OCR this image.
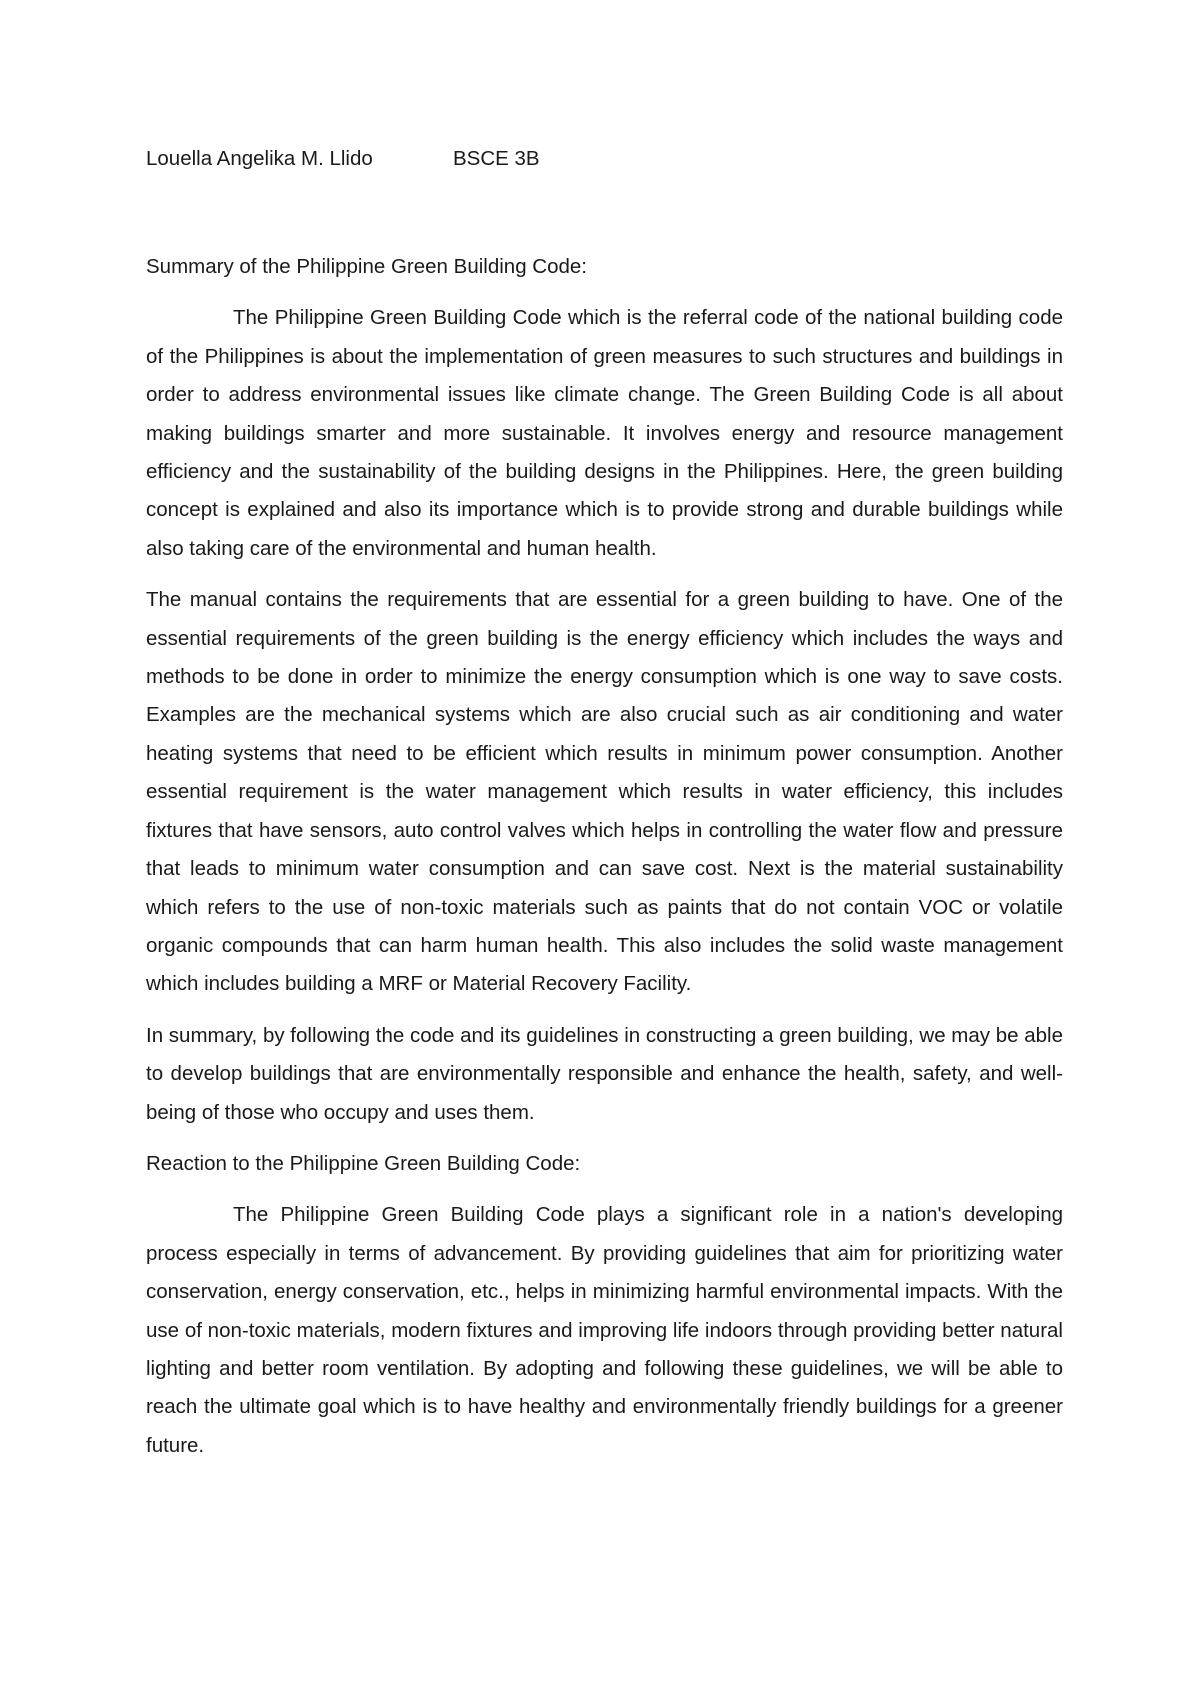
Louella Angelika M. Llido	BSCE 3B
Summary of the Philippine Green Building Code:

The Philippine Green Building Code which is the referral code of the national building code of the Philippines is about the implementation of green measures to such structures and buildings in order to address environmental issues like climate change. The Green Building Code is all about making buildings smarter and more sustainable. It involves energy and resource management efficiency and the sustainability of the building designs in the Philippines. Here, the green building concept is explained and also its importance which is to provide strong and durable buildings while also taking care of the environmental and human health.

The manual contains the requirements that are essential for a green building to have. One of the essential requirements of the green building is the energy efficiency which includes the ways and methods to be done in order to minimize the energy consumption which is one way to save costs. Examples are the mechanical systems which are also crucial such as air conditioning and water heating systems that need to be efficient which results in minimum power consumption. Another essential requirement is the water management which results in water efficiency, this includes fixtures that have sensors, auto control valves which helps in controlling the water flow and pressure that leads to minimum water consumption and can save cost. Next is the material sustainability which refers to the use of non-toxic materials such as paints that do not contain VOC or volatile organic compounds that can harm human health. This also includes the solid waste management which includes building a MRF or Material Recovery Facility.

In summary, by following the code and its guidelines in constructing a green building, we may be able to develop buildings that are environmentally responsible and enhance the health, safety, and well-being of those who occupy and uses them.

Reaction to the Philippine Green Building Code:

The Philippine Green Building Code plays a significant role in a nation's developing process especially in terms of advancement. By providing guidelines that aim for prioritizing water conservation, energy conservation, etc., helps in minimizing harmful environmental impacts. With the use of non-toxic materials, modern fixtures and improving life indoors through providing better natural lighting and better room ventilation. By adopting and following these guidelines, we will be able to reach the ultimate goal which is to have healthy and environmentally friendly buildings for a greener future.
